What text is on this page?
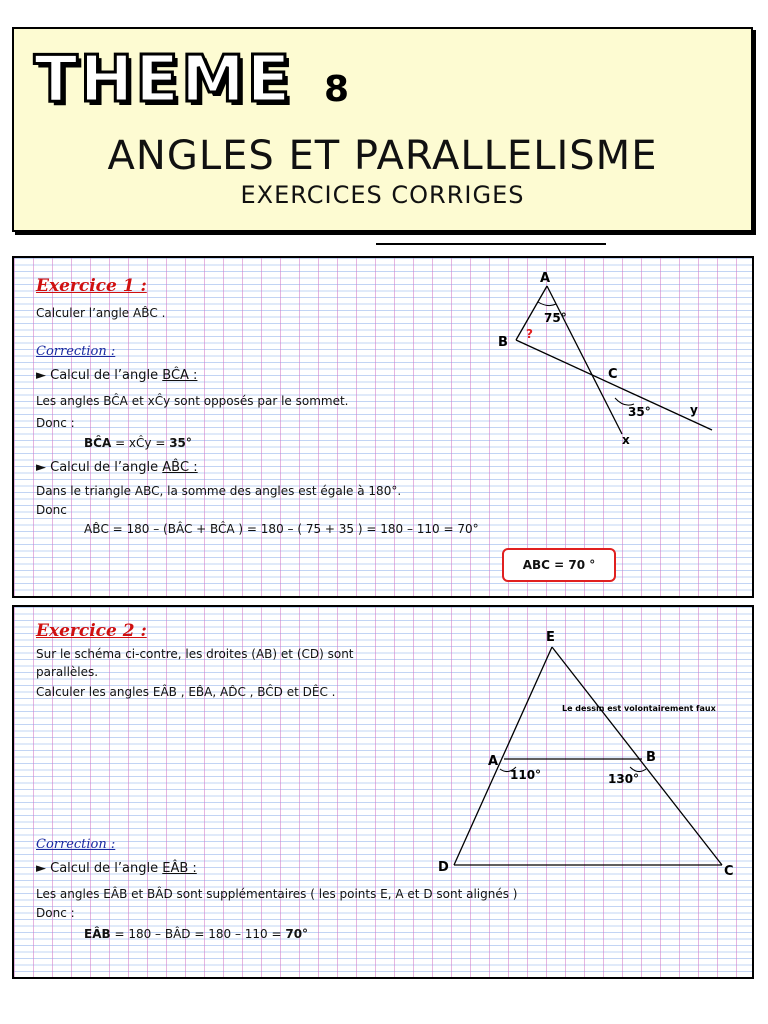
THEME 8
ANGLES ET PARALLELISME
EXERCICES CORRIGES
Exercice 1 :
Calculer l’angle AB̂C .
Correction :
► Calcul de l’angle BĈA :
Les angles BĈA et xĈy sont opposés par le sommet.
Donc :
BĈA = xĈy = 35°
► Calcul de l’angle AB̂C :
Dans le triangle ABC, la somme des angles est égale à 180°.
Donc
AB̂C = 180 – (BÂC + BĈA ) = 180 – ( 75 + 35 ) = 180 – 110 = 70°
ABC = 70 °
A
B
C
x
y
75°
?
35°
Exercice 2 :
Sur le schéma ci-contre, les droites (AB) et (CD) sont
parallèles.
Calculer les angles EÂB , EB̂A, AD̂C , BĈD et DÊC .
Correction :
► Calcul de l’angle EÂB :
Les angles EÂB et BÂD sont supplémentaires ( les points E, A et D sont alignés )
Donc :
EÂB = 180 – BÂD = 180 – 110 = 70°
E
A	B
D	C
110°	130°
Le dessin est volontairement faux
